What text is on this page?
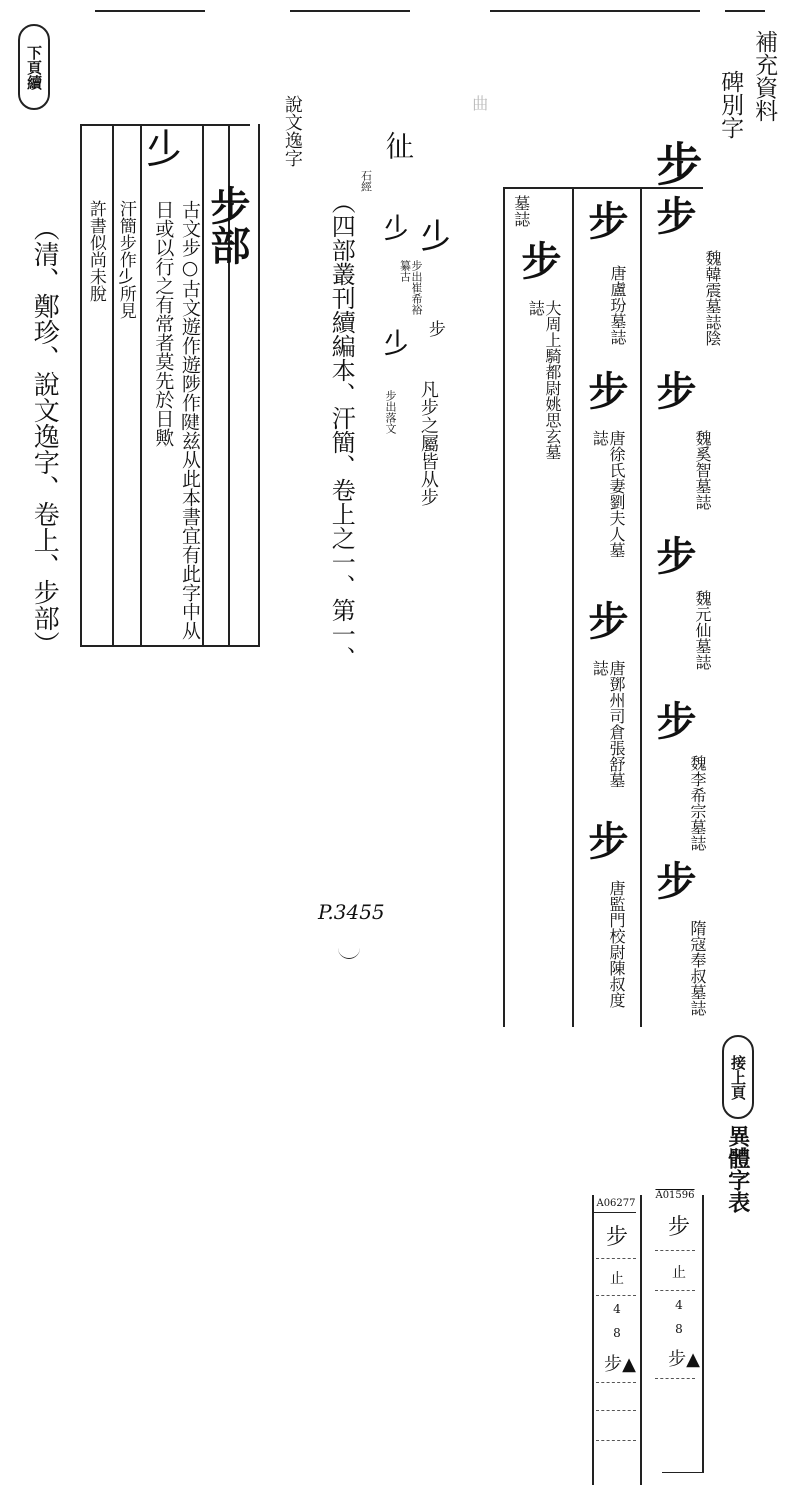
下頁續	補充資料
碑別字
步
步
魏韓震墓誌陰
步
魏奚智墓誌
步
魏元仙墓誌
步
魏李希宗墓誌
步
隋寇奉叔墓誌
步
唐盧玢墓誌
步
唐徐氏妻劉夫人墓誌
步
唐鄧州司倉張舒墓誌
步
唐監門校尉陳叔度
墓誌
步
大周上騎都尉姚思玄墓誌
曲
𣥂
步
凡步之屬皆从步
𢓊
石經
步出崔希裕纂古
𣥂
𣥂
步出落文
（四部叢刊續編本、汗簡、卷上之一、第一、
P.3455
說文逸字
步部
𣥂
古文步○古文遊作遊陟作𨺩兹从此本書宜有此字中从日或以行之有常者莫先於日歟
汗簡步作𣥂所見
許書似尚未脫
（清、鄭珍、說文逸字、卷上、步部）
接上頁
異體字表
A01596
步
止
4
8
步▲
A06277
步
止
4
8
步▲
